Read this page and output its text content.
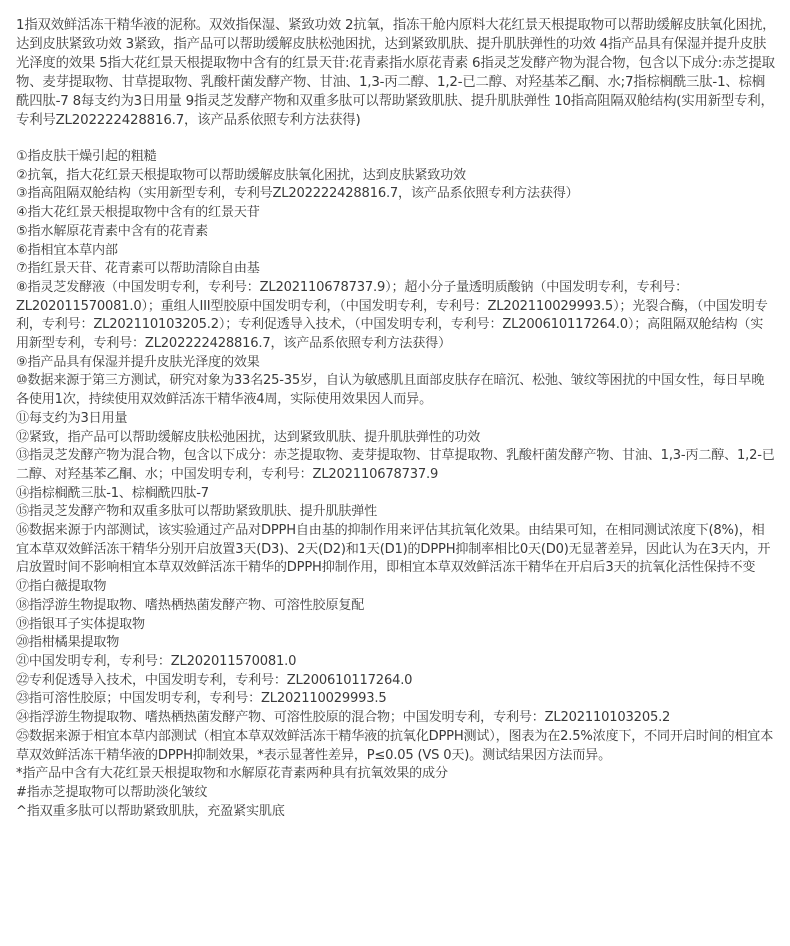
1指双效鲜活冻干精华液的泥称。双效指保湿、紧致功效 2抗氧，指冻干舱内原料大花红景天根提取物可以帮助缓解皮肤氧化困扰，达到皮肤紧致功效 3紧致，指产品可以帮助缓解皮肤松弛困扰，达到紧致肌肤、提升肌肤弹性的功效 4指产品具有保湿并提升皮肤光泽度的效果 5指大花红景天根提取物中含有的红景天苷:花青素指水原花青素 6指灵芝发酵产物为混合物，包含以下成分:赤芝提取物、麦芽提取物、甘草提取物、乳酸杆菌发酵产物、甘油、1,3-丙二醇、1,2-已二醇、对羟基苯乙酮、水;7指棕榈酰三肽-1、棕榈酰四肽-7 8每支约为3日用量 9指灵芝发酵产物和双重多肽可以帮助紧致肌肤、提升肌肤弹性 10指高阻隔双舱结构(实用新型专利，专利号ZL202222428816.7，该产品系依照专利方法获得)

①指皮肤干燥引起的粗糙

②抗氧，指大花红景天根提取物可以帮助缓解皮肤氧化困扰，达到皮肤紧致功效

③指高阻隔双舱结构（实用新型专利，专利号ZL202222428816.7，该产品系依照专利方法获得）

④指大花红景天根提取物中含有的红景天苷

⑤指水解原花青素中含有的花青素

⑥指相宜本草内部

⑦指红景天苷、花青素可以帮助清除自由基

⑧指灵芝发酵液（中国发明专利，专利号：ZL202110678737.9）；超小分子量透明质酸钠（中国发明专利，专利号：ZL202011570081.0）；重组人III型胶原中国发明专利，（中国发明专利，专利号：ZL202110029993.5）；光裂合酶，（中国发明专利，专利号：ZL202110103205.2）；专利促透导入技术，（中国发明专利，专利号：ZL200610117264.0）；高阻隔双舱结构（实用新型专利，专利号：ZL202222428816.7，该产品系依照专利方法获得）

⑨指产品具有保湿并提升皮肤光泽度的效果

⑩数据来源于第三方测试，研究对象为33名25-35岁，自认为敏感肌且面部皮肤存在暗沉、松弛、皱纹等困扰的中国女性，每日早晚各使用1次，持续使用双效鲜活冻干精华液4周，实际使用效果因人而异。

⑪每支约为3日用量

⑫紧致，指产品可以帮助缓解皮肤松弛困扰，达到紧致肌肤、提升肌肤弹性的功效

⑬指灵芝发酵产物为混合物，包含以下成分：赤芝提取物、麦芽提取物、甘草提取物、乳酸杆菌发酵产物、甘油、1,3-丙二醇、1,2-已二醇、对羟基苯乙酮、水；中国发明专利，专利号：ZL202110678737.9

⑭指棕榈酰三肽-1、棕榈酰四肽-7

⑮指灵芝发酵产物和双重多肽可以帮助紧致肌肤、提升肌肤弹性

⑯数据来源于内部测试，该实验通过产品对DPPH自由基的抑制作用来评估其抗氧化效果。由结果可知，在相同测试浓度下(8%)，相宜本草双效鲜活冻干精华分别开启放置3天(D3)、2天(D2)和1天(D1)的DPPH抑制率相比0天(D0)无显著差异，因此认为在3天内，开启放置时间不影响相宜本草双效鲜活冻干精华的DPPH抑制作用，即相宜本草双效鲜活冻干精华在开启后3天的抗氧化活性保持不变

⑰指白薇提取物

⑱指浮游生物提取物、嗜热栖热菌发酵产物、可溶性胶原复配

⑲指银耳子实体提取物

⑳指柑橘果提取物

㉑中国发明专利，专利号：ZL202011570081.0

㉒专利促透导入技术，中国发明专利，专利号：ZL200610117264.0

㉓指可溶性胶原；中国发明专利，专利号：ZL202110029993.5

㉔指浮游生物提取物、嗜热栖热菌发酵产物、可溶性胶原的混合物；中国发明专利，专利号：ZL202110103205.2

㉕数据来源于相宜本草内部测试（相宜本草双效鲜活冻干精华液的抗氧化DPPH测试），图表为在2.5%浓度下，不同开启时间的相宜本草双效鲜活冻干精华液的DPPH抑制效果，*表示显著性差异，P≤0.05 (VS 0天)。测试结果因方法而异。

*指产品中含有大花红景天根提取物和水解原花青素两种具有抗氧效果的成分

#指赤芝提取物可以帮助淡化皱纹

^指双重多肽可以帮助紧致肌肤，充盈紧实肌底
